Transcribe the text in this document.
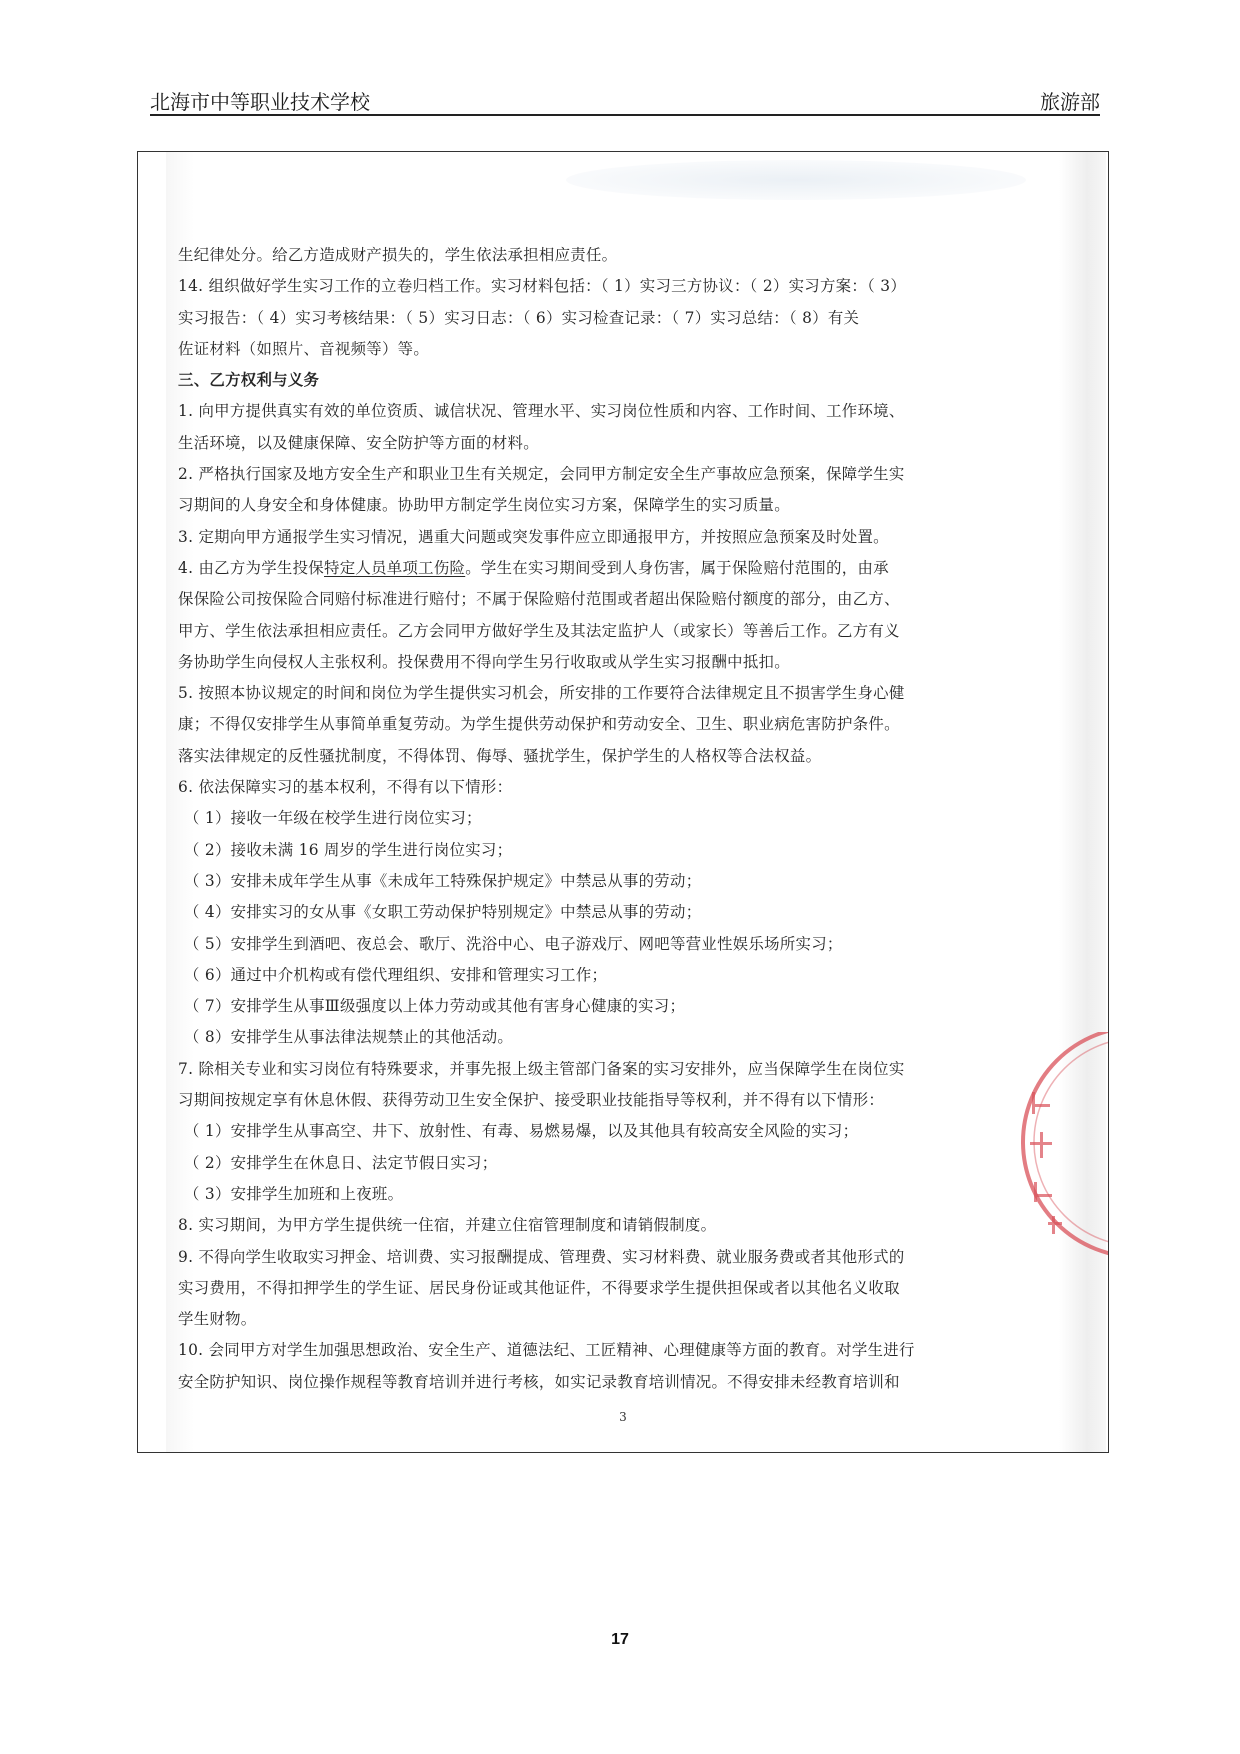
北海市中等职业技术学校	旅游部

生纪律处分。给乙方造成财产损失的，学生依法承担相应责任。

14. 组织做好学生实习工作的立卷归档工作。实习材料包括：（ 1）实习三方协议：（ 2）实习方案：（ 3）

实习报告：（ 4）实习考核结果：（ 5）实习日志：（ 6）实习检查记录：（ 7）实习总结：（ 8）有关

佐证材料（如照片、音视频等）等。

三、乙方权利与义务

1. 向甲方提供真实有效的单位资质、诚信状况、管理水平、实习岗位性质和内容、工作时间、工作环境、

生活环境，以及健康保障、安全防护等方面的材料。

2. 严格执行国家及地方安全生产和职业卫生有关规定，会同甲方制定安全生产事故应急预案，保障学生实

习期间的人身安全和身体健康。协助甲方制定学生岗位实习方案，保障学生的实习质量。

3. 定期向甲方通报学生实习情况，遇重大问题或突发事件应立即通报甲方，并按照应急预案及时处置。

4. 由乙方为学生投保特定人员单项工伤险。学生在实习期间受到人身伤害，属于保险赔付范围的，由承

保保险公司按保险合同赔付标准进行赔付；不属于保险赔付范围或者超出保险赔付额度的部分，由乙方、

甲方、学生依法承担相应责任。乙方会同甲方做好学生及其法定监护人（或家长）等善后工作。乙方有义

务协助学生向侵权人主张权利。投保费用不得向学生另行收取或从学生实习报酬中抵扣。

5. 按照本协议规定的时间和岗位为学生提供实习机会，所安排的工作要符合法律规定且不损害学生身心健

康；不得仅安排学生从事简单重复劳动。为学生提供劳动保护和劳动安全、卫生、职业病危害防护条件。

落实法律规定的反性骚扰制度，不得体罚、侮辱、骚扰学生，保护学生的人格权等合法权益。

6. 依法保障实习的基本权利，不得有以下情形：

（ 1）接收一年级在校学生进行岗位实习；

（ 2）接收未满 16 周岁的学生进行岗位实习；

（ 3）安排未成年学生从事《未成年工特殊保护规定》中禁忌从事的劳动；

（ 4）安排实习的女从事《女职工劳动保护特别规定》中禁忌从事的劳动；

（ 5）安排学生到酒吧、夜总会、歌厅、洗浴中心、电子游戏厅、网吧等营业性娱乐场所实习；

（ 6）通过中介机构或有偿代理组织、安排和管理实习工作；

（ 7）安排学生从事Ⅲ级强度以上体力劳动或其他有害身心健康的实习；

（ 8）安排学生从事法律法规禁止的其他活动。

7. 除相关专业和实习岗位有特殊要求，并事先报上级主管部门备案的实习安排外，应当保障学生在岗位实

习期间按规定享有休息休假、获得劳动卫生安全保护、接受职业技能指导等权利，并不得有以下情形：

（ 1）安排学生从事高空、井下、放射性、有毒、易燃易爆，以及其他具有较高安全风险的实习；

（ 2）安排学生在休息日、法定节假日实习；

（ 3）安排学生加班和上夜班。

8. 实习期间，为甲方学生提供统一住宿，并建立住宿管理制度和请销假制度。

9. 不得向学生收取实习押金、培训费、实习报酬提成、管理费、实习材料费、就业服务费或者其他形式的

实习费用，不得扣押学生的学生证、居民身份证或其他证件，不得要求学生提供担保或者以其他名义收取

学生财物。

10. 会同甲方对学生加强思想政治、安全生产、道德法纪、工匠精神、心理健康等方面的教育。对学生进行

安全防护知识、岗位操作规程等教育培训并进行考核，如实记录教育培训情况。不得安排未经教育培训和

3
17
